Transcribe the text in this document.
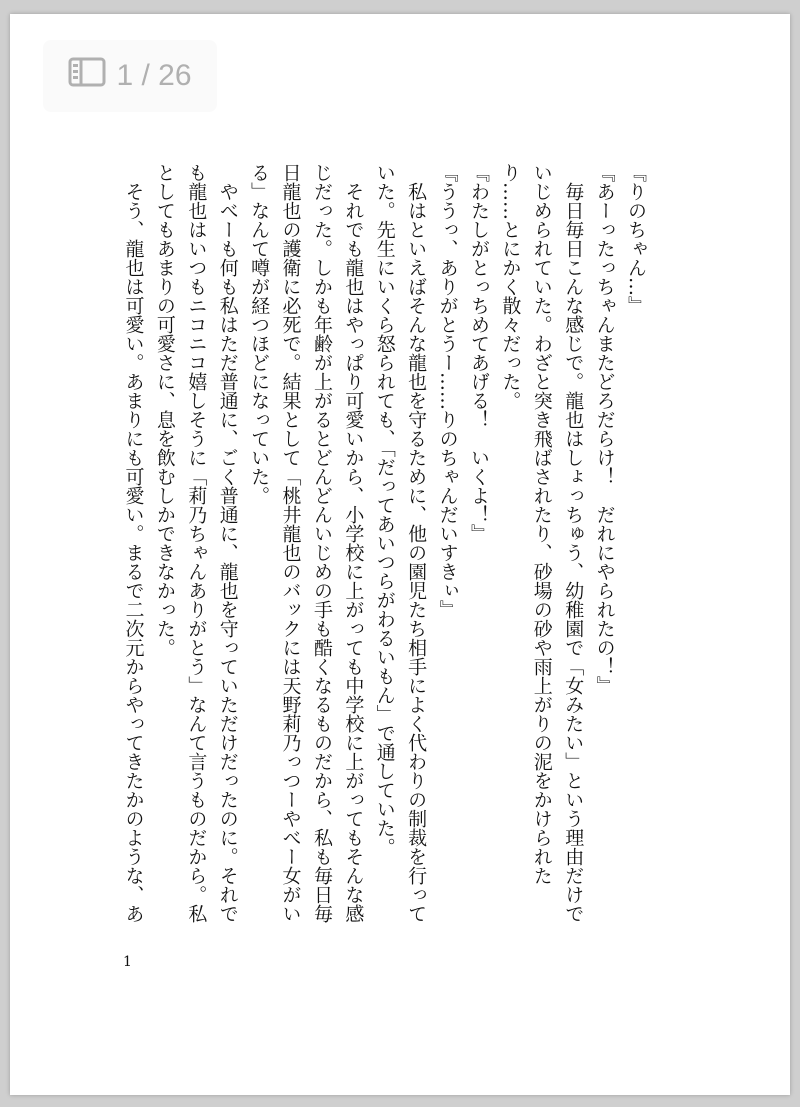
1 / 26

『りのちゃん…』

『あーったっちゃんまたどろだらけ！　だれにやられたの！』

　毎日毎日こんな感じで。龍也はしょっちゅう、幼稚園で「女みたい」という理由だけでいじめられていた。わざと突き飛ばされたり、砂場の砂や雨上がりの泥をかけられたり……とにかく散々だった。

『わたしがとっちめてあげる！　いくよ！』

『ううっ、ありがとうー……りのちゃんだいすきぃ』

　私はといえばそんな龍也を守るために、他の園児たち相手によく代わりの制裁を行っていた。先生にいくら怒られても、「だってあいつらがわるいもん」で通していた。

　それでも龍也はやっぱり可愛いから、小学校に上がっても中学校に上がってもそんな感じだった。しかも年齢が上がるとどんどんいじめの手も酷くなるものだから、私も毎日毎日龍也の護衛に必死で。結果として「桃井龍也のバックには天野莉乃っつーやべー女がいる」なんて噂が経つほどになっていた。

　やべーも何も私はただ普通に、ごく普通に、龍也を守っていただけだったのに。それでも龍也はいつもニコニコ嬉しそうに「莉乃ちゃんありがとう」なんて言うものだから。私としてもあまりの可愛さに、息を飲むしかできなかった。

　そう、龍也は可愛い。あまりにも可愛い。まるで二次元からやってきたかのような、あ

1
